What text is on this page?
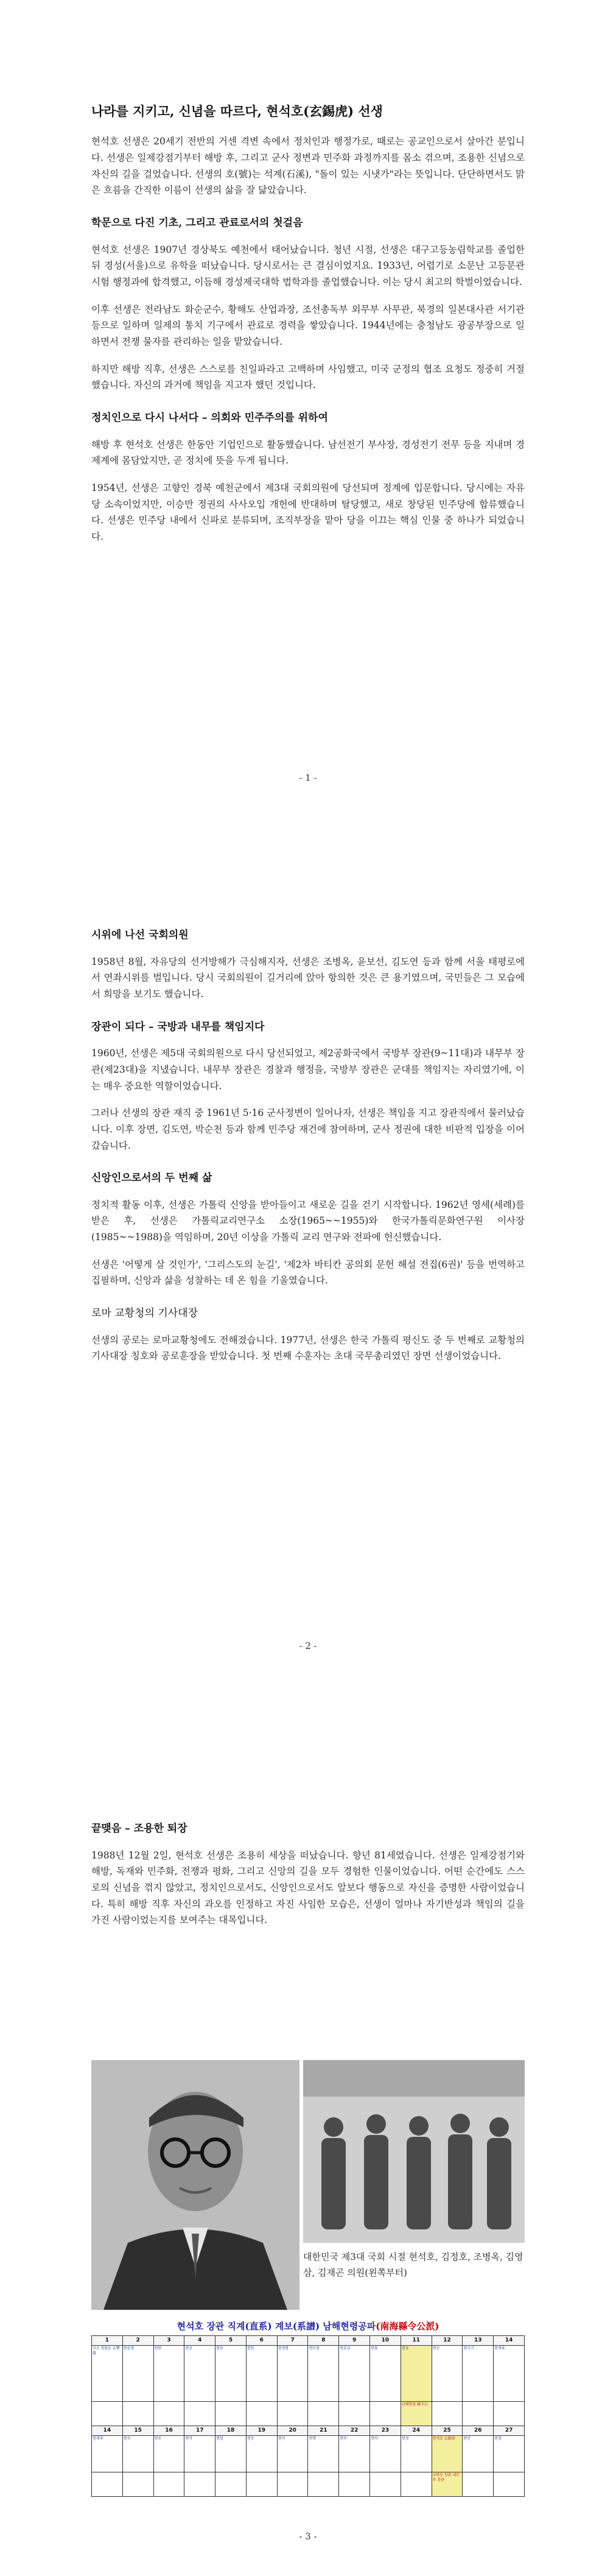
나라를 지키고, 신념을 따르다, 현석호(玄錫虎) 선생

현석호 선생은 20세기 전반의 거센 격변 속에서 정치인과 행정가로, 때로는 공교인으로서 살아간 분입니다. 선생은 일제강점기부터 해방 후, 그리고 군사 정변과 민주화 과정까지를 몸소 겪으며, 조용한 신념으로 자신의 길을 걸었습니다. 선생의 호(號)는 석계(石溪), "돌이 있는 시냇가"라는 뜻입니다. 단단하면서도 맑은 흐름을 간직한 이름이 선생의 삶을 잘 닮았습니다.

학문으로 다진 기초, 그리고 관료로서의 첫걸음

현석호 선생은 1907년 경상북도 예천에서 태어났습니다. 청년 시절, 선생은 대구고등농림학교를 졸업한 뒤 경성(서울)으로 유학을 떠났습니다. 당시로서는 큰 결심이었지요. 1933년, 어렵기로 소문난 고등문관시험 행정과에 합격했고, 이듬해 경성제국대학 법학과를 졸업했습니다. 이는 당시 최고의 학벌이었습니다.

이후 선생은 전라남도 화순군수, 황해도 산업과장, 조선총독부 외무부 사무관, 북경의 일본대사관 서기관 등으로 일하며 일제의 통치 기구에서 관료로 경력을 쌓았습니다. 1944년에는 충청남도 광공부장으로 일하면서 전쟁 물자를 관리하는 일을 맡았습니다.

하지만 해방 직후, 선생은 스스로를 친일파라고 고백하며 사임했고, 미국 군정의 협조 요청도 정중히 거절했습니다. 자신의 과거에 책임을 지고자 했던 것입니다.

정치인으로 다시 나서다 – 의회와 민주주의를 위하여

해방 후 현석호 선생은 한동안 기업인으로 활동했습니다. 남선전기 부사장, 경성전기 전무 등을 지내며 경제계에 몸담았지만, 곧 정치에 뜻을 두게 됩니다.

1954년, 선생은 고향인 경북 예천군에서 제3대 국회의원에 당선되며 정계에 입문합니다. 당시에는 자유당 소속이었지만, 이승만 정권의 사사오입 개헌에 반대하며 탈당했고, 새로 창당된 민주당에 합류했습니다. 선생은 민주당 내에서 신파로 분류되며, 조직부장을 맡아 당을 이끄는 핵심 인물 중 하나가 되었습니다.

- 1 -
시위에 나선 국회의원

1958년 8월, 자유당의 선거방해가 극심해지자, 선생은 조병옥, 윤보선, 김도연 등과 함께 서울 태평로에서 연좌시위를 벌입니다. 당시 국회의원이 길거리에 앉아 항의한 것은 큰 용기였으며, 국민들은 그 모습에서 희망을 보기도 했습니다.

장관이 되다 – 국방과 내무를 책임지다

1960년, 선생은 제5대 국회의원으로 다시 당선되었고, 제2공화국에서 국방부 장관(9~11대)과 내무부 장관(제23대)을 지냈습니다. 내무부 장관은 경찰과 행정을, 국방부 장관은 군대를 책임지는 자리였기에, 이는 매우 중요한 역할이었습니다.

그러나 선생의 장관 재직 중 1961년 5·16 군사정변이 일어나자, 선생은 책임을 지고 장관직에서 물러났습니다. 이후 장면, 김도연, 박순천 등과 함께 민주당 재건에 참여하며, 군사 정권에 대한 비판적 입장을 이어갔습니다.

신앙인으로서의 두 번째 삶

정치적 활동 이후, 선생은 가톨릭 신앙을 받아들이고 새로운 길을 걷기 시작합니다. 1962년 영세(세례)를 받은 후, 선생은 가톨릭교리연구소 소장(1965~~1955)와 한국가톨릭문화연구원 이사장(1985~~1988)을 역임하며, 20년 이상을 가톨릭 교리 연구와 전파에 헌신했습니다.

선생은 '어떻게 살 것인가', '그리스도의 눈길', '제2차 바티칸 공의회 문헌 해설 전집(6권)' 등을 번역하고 집필하며, 신앙과 삶을 성찰하는 데 온 힘을 기울였습니다.

로마 교황청의 기사대장

선생의 공로는 로마교황청에도 전해졌습니다. 1977년, 선생은 한국 가톨릭 평신도 중 두 번째로 교황청의 기사대장 칭호와 공로훈장을 받았습니다. 첫 번째 수훈자는 초대 국무총리였던 장면 선생이었습니다.

- 2 -
끝맺음 – 조용한 퇴장

1988년 12월 2일, 현석호 선생은 조용히 세상을 떠났습니다. 향년 81세였습니다. 선생은 일제강점기와 해방, 독재와 민주화, 전쟁과 평화, 그리고 신앙의 길을 모두 경험한 인물이었습니다. 어떤 순간에도 스스로의 신념을 꺾지 않았고, 정치인으로서도, 신앙인으로서도 앞보다 행동으로 자신을 증명한 사람이었습니다. 특히 해방 직후 자신의 과오를 인정하고 자진 사임한 모습은, 선생이 얼마나 자기반성과 책임의 길을 가진 사람이었는지를 보여주는 대목입니다.

대한민국 제3대 국회 시절 현석호, 김정호, 조병옥, 김영삼, 김재곤 의원(왼쪽부터)
현석호 장관 직계(直系) 계보(系譜) 남해현령공파(南海縣令公派)
1	2	3	4	5	6	7	8	9	10	11	12	13	14
시조 현담윤 玄覃胤	현윤명	현현	현규	현보	현한	현경명	현득창	현효남	현홍	현규	현신	현극기	현계록
										남해현령 縣令公			
14	15	16	17	18	19	20	21	22	23	24	25	26	27
현계록	현숙	현우	현식	현일	현응	현석	현명	현주	현이	현정	현석호 玄錫虎	현인	현경
											국방부 장관 내무부 장관		
- 3 -
